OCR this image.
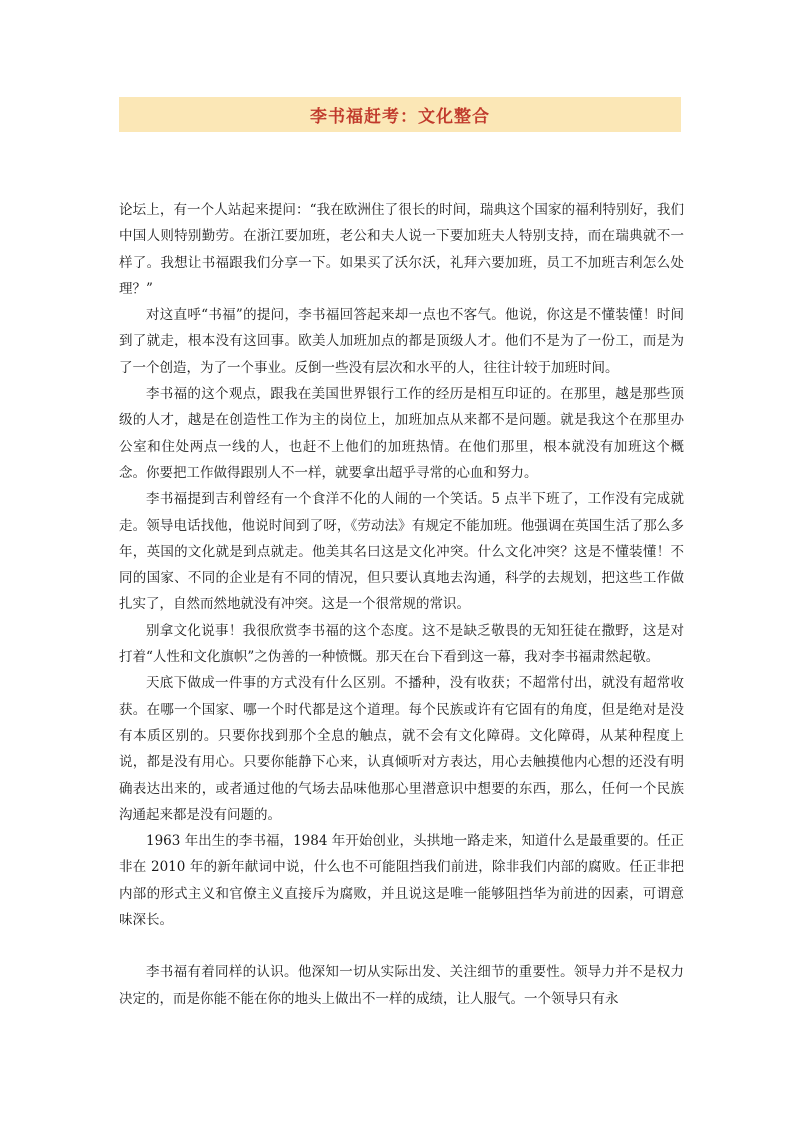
李书福赶考：文化整合

论坛上，有一个人站起来提问：“我在欧洲住了很长的时间，瑞典这个国家的福利特别好，我们中国人则特别勤劳。在浙江要加班，老公和夫人说一下要加班夫人特别支持，而在瑞典就不一样了。我想让书福跟我们分享一下。如果买了沃尔沃，礼拜六要加班，员工不加班吉利怎么处理？”

对这直呼“书福”的提问，李书福回答起来却一点也不客气。他说，你这是不懂装懂！时间到了就走，根本没有这回事。欧美人加班加点的都是顶级人才。他们不是为了一份工，而是为了一个创造，为了一个事业。反倒一些没有层次和水平的人，往往计较于加班时间。

李书福的这个观点，跟我在美国世界银行工作的经历是相互印证的。在那里，越是那些顶级的人才，越是在创造性工作为主的岗位上，加班加点从来都不是问题。就是我这个在那里办公室和住处两点一线的人，也赶不上他们的加班热情。在他们那里，根本就没有加班这个概念。你要把工作做得跟别人不一样，就要拿出超乎寻常的心血和努力。

李书福提到吉利曾经有一个食洋不化的人闹的一个笑话。5 点半下班了，工作没有完成就走。领导电话找他，他说时间到了呀，《劳动法》有规定不能加班。他强调在英国生活了那么多年，英国的文化就是到点就走。他美其名曰这是文化冲突。什么文化冲突？这是不懂装懂！不同的国家、不同的企业是有不同的情况，但只要认真地去沟通，科学的去规划，把这些工作做扎实了，自然而然地就没有冲突。这是一个很常规的常识。

别拿文化说事！我很欣赏李书福的这个态度。这不是缺乏敬畏的无知狂徒在撒野，这是对打着“人性和文化旗帜”之伪善的一种愤慨。那天在台下看到这一幕，我对李书福肃然起敬。

天底下做成一件事的方式没有什么区别。不播种，没有收获；不超常付出，就没有超常收获。在哪一个国家、哪一个时代都是这个道理。每个民族或许有它固有的角度，但是绝对是没有本质区别的。只要你找到那个全息的触点，就不会有文化障碍。文化障碍，从某种程度上说，都是没有用心。只要你能静下心来，认真倾听对方表达，用心去触摸他内心想的还没有明确表达出来的，或者通过他的气场去品味他那心里潜意识中想要的东西，那么，任何一个民族沟通起来都是没有问题的。

1963 年出生的李书福，1984 年开始创业，头拱地一路走来，知道什么是最重要的。任正非在 2010 年的新年献词中说，什么也不可能阻挡我们前进，除非我们内部的腐败。任正非把内部的形式主义和官僚主义直接斥为腐败，并且说这是唯一能够阻挡华为前进的因素，可谓意味深长。

李书福有着同样的认识。他深知一切从实际出发、关注细节的重要性。领导力并不是权力决定的，而是你能不能在你的地头上做出不一样的成绩，让人服气。一个领导只有永
